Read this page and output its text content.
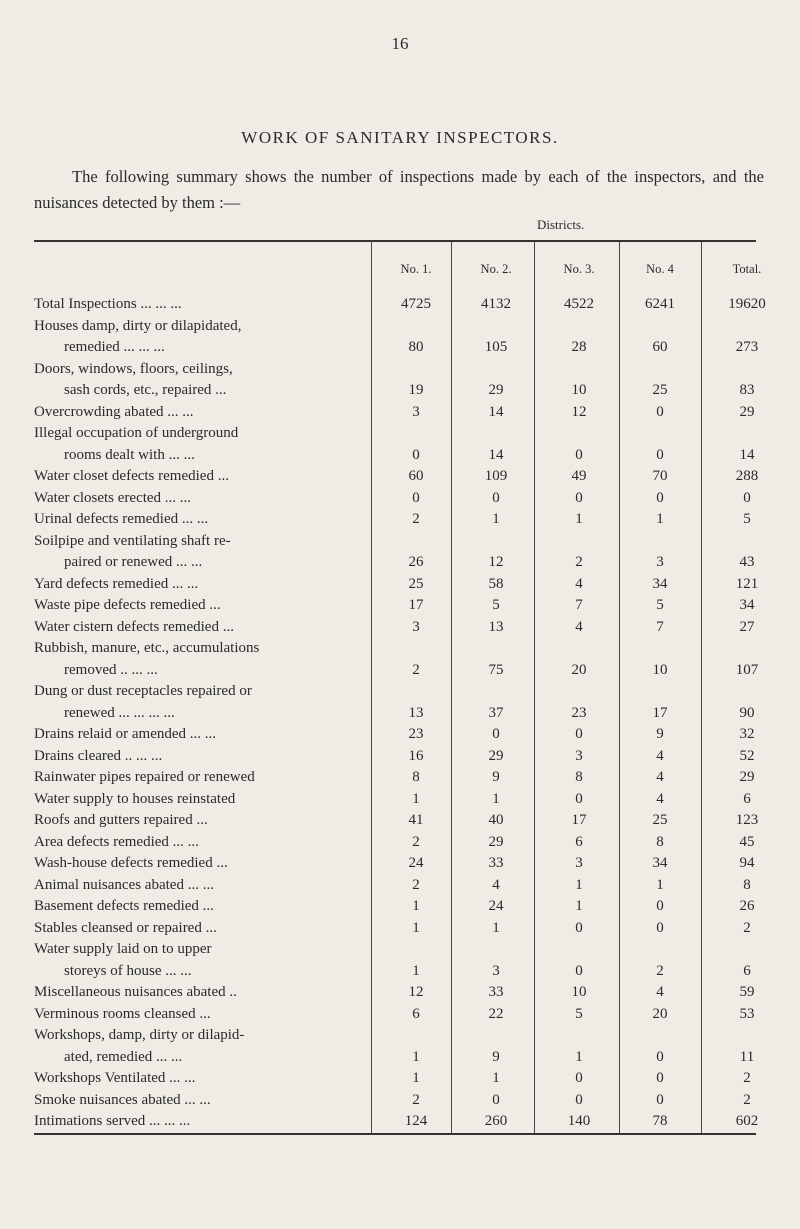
16
WORK OF SANITARY INSPECTORS.
The following summary shows the number of inspections made by each of the inspectors, and the nuisances detected by them :—
Districts.
No. 1.	No. 2.	No. 3.	No. 4	Total.
Total Inspections ... ... ...	4725	4132	4522	6241	19620
Houses damp, dirty or dilapidated,
remedied ... ... ...	80	105	28	60	273
Doors, windows, floors, ceilings,
sash cords, etc., repaired ...	19	29	10	25	83
Overcrowding abated ... ...	3	14	12	0	29
Illegal occupation of underground
rooms dealt with ... ...	0	14	0	0	14
Water closet defects remedied ...	60	109	49	70	288
Water closets erected ... ...	0	0	0	0	0
Urinal defects remedied ... ...	2	1	1	1	5
Soilpipe and ventilating shaft re-
paired or renewed ... ...	26	12	2	3	43
Yard defects remedied ... ...	25	58	4	34	121
Waste pipe defects remedied ...	17	5	7	5	34
Water cistern defects remedied ...	3	13	4	7	27
Rubbish, manure, etc., accumulations
removed .. ... ...	2	75	20	10	107
Dung or dust receptacles repaired or
renewed ... ... ... ...	13	37	23	17	90
Drains relaid or amended ... ...	23	0	0	9	32
Drains cleared .. ... ...	16	29	3	4	52
Rainwater pipes repaired or renewed	8	9	8	4	29
Water supply to houses reinstated	1	1	0	4	6
Roofs and gutters repaired ...	41	40	17	25	123
Area defects remedied ... ...	2	29	6	8	45
Wash-house defects remedied ...	24	33	3	34	94
Animal nuisances abated ... ...	2	4	1	1	8
Basement defects remedied ...	1	24	1	0	26
Stables cleansed or repaired ...	1	1	0	0	2
Water supply laid on to upper
storeys of house ... ...	1	3	0	2	6
Miscellaneous nuisances abated ..	12	33	10	4	59
Verminous rooms cleansed ...	6	22	5	20	53
Workshops, damp, dirty or dilapid-
ated, remedied ... ...	1	9	1	0	11
Workshops Ventilated ... ...	1	1	0	0	2
Smoke nuisances abated ... ...	2	0	0	0	2
Intimations served ... ... ...	124	260	140	78	602
